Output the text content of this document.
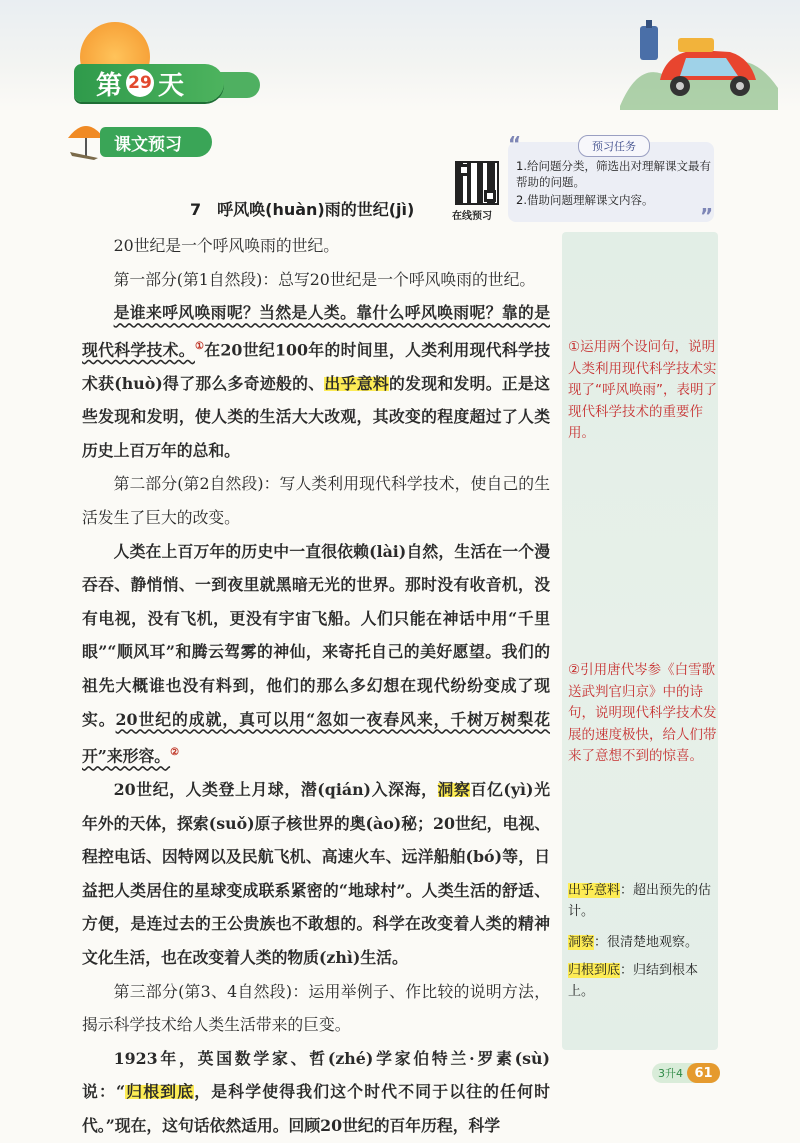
第 29 天
课文预习
在线预习
“
”
预习任务
1.给问题分类，筛选出对理解课文最有帮助的问题。
2.借助问题理解课文内容。
7　呼风唤(huàn)雨的世纪(jì)

20世纪是一个呼风唤雨的世纪。

第一部分(第1自然段)：总写20世纪是一个呼风唤雨的世纪。

是谁来呼风唤雨呢？当然是人类。靠什么呼风唤雨呢？靠的是现代科学技术。①在20世纪100年的时间里，人类利用现代科学技术获(huò)得了那么多奇迹般的、出乎意料的发现和发明。正是这些发现和发明，使人类的生活大大改观，其改变的程度超过了人类历史上百万年的总和。

第二部分(第2自然段)：写人类利用现代科学技术，使自己的生活发生了巨大的改变。

人类在上百万年的历史中一直很依赖(lài)自然，生活在一个漫吞吞、静悄悄、一到夜里就黑暗无光的世界。那时没有收音机，没有电视，没有飞机，更没有宇宙飞船。人们只能在神话中用“千里眼”“顺风耳”和腾云驾雾的神仙，来寄托自己的美好愿望。我们的祖先大概谁也没有料到，他们的那么多幻想在现代纷纷变成了现实。20世纪的成就，真可以用“忽如一夜春风来，千树万树梨花开”来形容。②

20世纪，人类登上月球，潜(qián)入深海，洞察百亿(yì)光年外的天体，探索(suǒ)原子核世界的奥(ào)秘；20世纪，电视、程控电话、因特网以及民航飞机、高速火车、远洋船舶(bó)等，日益把人类居住的星球变成联系紧密的“地球村”。人类生活的舒适、方便，是连过去的王公贵族也不敢想的。科学在改变着人类的精神文化生活，也在改变着人类的物质(zhì)生活。

第三部分(第3、4自然段)：运用举例子、作比较的说明方法，揭示科学技术给人类生活带来的巨变。

1923年，英国数学家、哲(zhé)学家伯特兰·罗素(sù)说：“归根到底，是科学使得我们这个时代不同于以往的任何时代。”现在，这句话依然适用。回顾20世纪的百年历程，科学

①运用两个设问句，说明人类利用现代科学技术实现了“呼风唤雨”，表明了现代科学技术的重要作用。
②引用唐代岑参《白雪歌送武判官归京》中的诗句，说明现代科学技术发展的速度极快，给人们带来了意想不到的惊喜。
出乎意料：超出预先的估计。
洞察：很清楚地观察。
归根到底：归结到根本上。
3升4 61
